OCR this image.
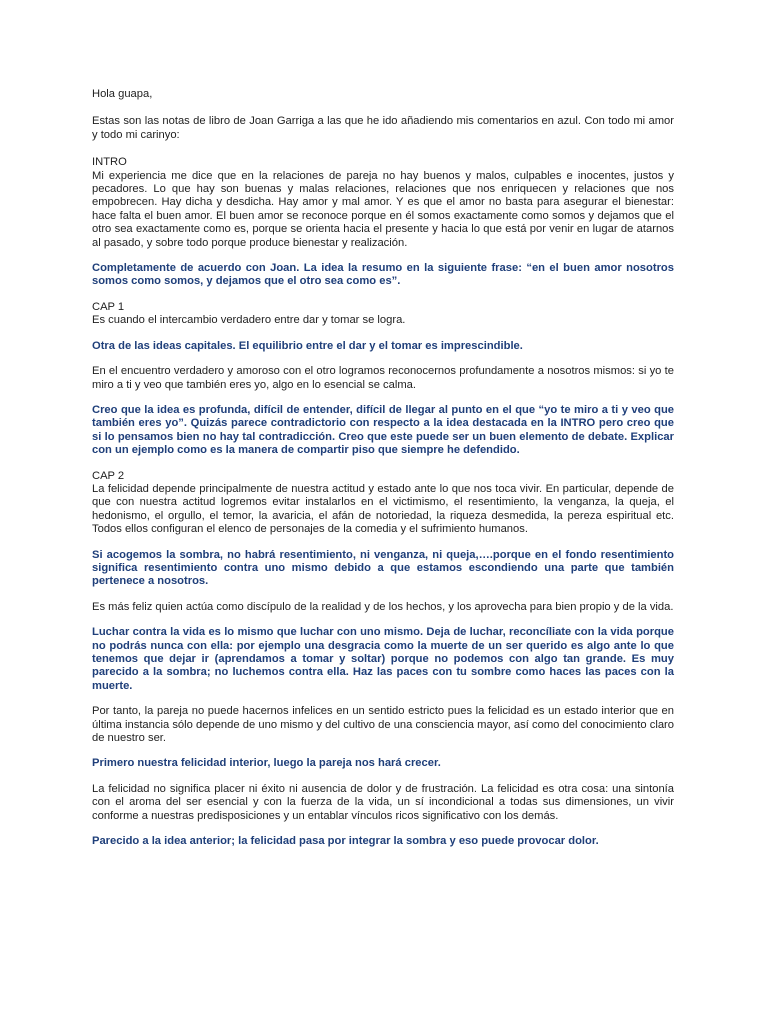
Hola guapa,

Estas son las notas de libro de Joan Garriga a las que he ido añadiendo mis comentarios en azul. Con todo mi amor y todo mi carinyo:

INTRO

Mi experiencia me dice que en la relaciones de pareja no hay buenos y malos, culpables e inocentes, justos y pecadores. Lo que hay son buenas y malas relaciones, relaciones que nos enriquecen y relaciones que nos empobrecen. Hay dicha y desdicha. Hay amor y mal amor. Y es que el amor no basta para asegurar el bienestar: hace falta el buen amor. El buen amor se reconoce porque en él somos exactamente como somos y dejamos que el otro sea exactamente como es, porque se orienta hacia el presente y hacia lo que está por venir en lugar de atarnos al pasado, y sobre todo porque produce bienestar y realización.

Completamente de acuerdo con Joan. La idea la resumo en la siguiente frase: “en el buen amor nosotros somos como somos, y dejamos que el otro sea como es”.

CAP 1

Es cuando el intercambio verdadero entre dar y tomar se logra.

Otra de las ideas capitales. El equilibrio entre el dar y el tomar es imprescindible.

En el encuentro verdadero y amoroso con el otro logramos reconocernos profundamente a nosotros mismos: si yo te miro a ti y veo que también eres yo, algo en lo esencial se calma.

Creo que la idea es profunda, difícil de entender, difícil de llegar al punto en el que “yo te miro a ti y veo que también eres yo”. Quizás parece contradictorio con respecto a la idea destacada en la INTRO pero creo que si lo pensamos bien no hay tal contradicción. Creo que este puede ser un buen elemento de debate. Explicar con un ejemplo como es la manera de compartir piso que siempre he defendido.

CAP 2

La felicidad depende principalmente de nuestra actitud y estado ante lo que nos toca vivir. En particular, depende de que con nuestra actitud logremos evitar instalarlos en el victimismo, el resentimiento, la venganza, la queja, el hedonismo, el orgullo, el temor, la avaricia, el afán de notoriedad, la riqueza desmedida, la pereza espiritual etc. Todos ellos configuran el elenco de personajes de la comedia y el sufrimiento humanos.

Si acogemos la sombra, no habrá resentimiento, ni venganza, ni queja,….porque en el fondo resentimiento significa resentimiento contra uno mismo debido a que estamos escondiendo una parte que también pertenece a nosotros.

Es más feliz quien actúa como discípulo de la realidad y de los hechos, y los aprovecha para bien propio y de la vida.

Luchar contra la vida es lo mismo que luchar con uno mismo. Deja de luchar, reconcíliate con la vida porque no podrás nunca con ella: por ejemplo una desgracia como la muerte de un ser querido es algo ante lo que tenemos que dejar ir (aprendamos a tomar y soltar) porque no podemos con algo tan grande. Es muy parecido a la sombra; no luchemos contra ella. Haz las paces con tu sombre como haces las paces con la muerte.

Por tanto, la pareja no puede hacernos infelices en un sentido estricto pues la felicidad es un estado interior que en última instancia sólo depende de uno mismo y del cultivo de una consciencia mayor, así como del conocimiento claro de nuestro ser.

Primero nuestra felicidad interior, luego la pareja nos hará crecer.

La felicidad no significa placer ni éxito ni ausencia de dolor y de frustración. La felicidad es otra cosa: una sintonía con el aroma del ser esencial y con la fuerza de la vida, un sí incondicional a todas sus dimensiones, un vivir conforme a nuestras predisposiciones y un entablar vínculos ricos significativo con los demás.

Parecido a la idea anterior; la felicidad pasa por integrar la sombra y eso puede provocar dolor.
